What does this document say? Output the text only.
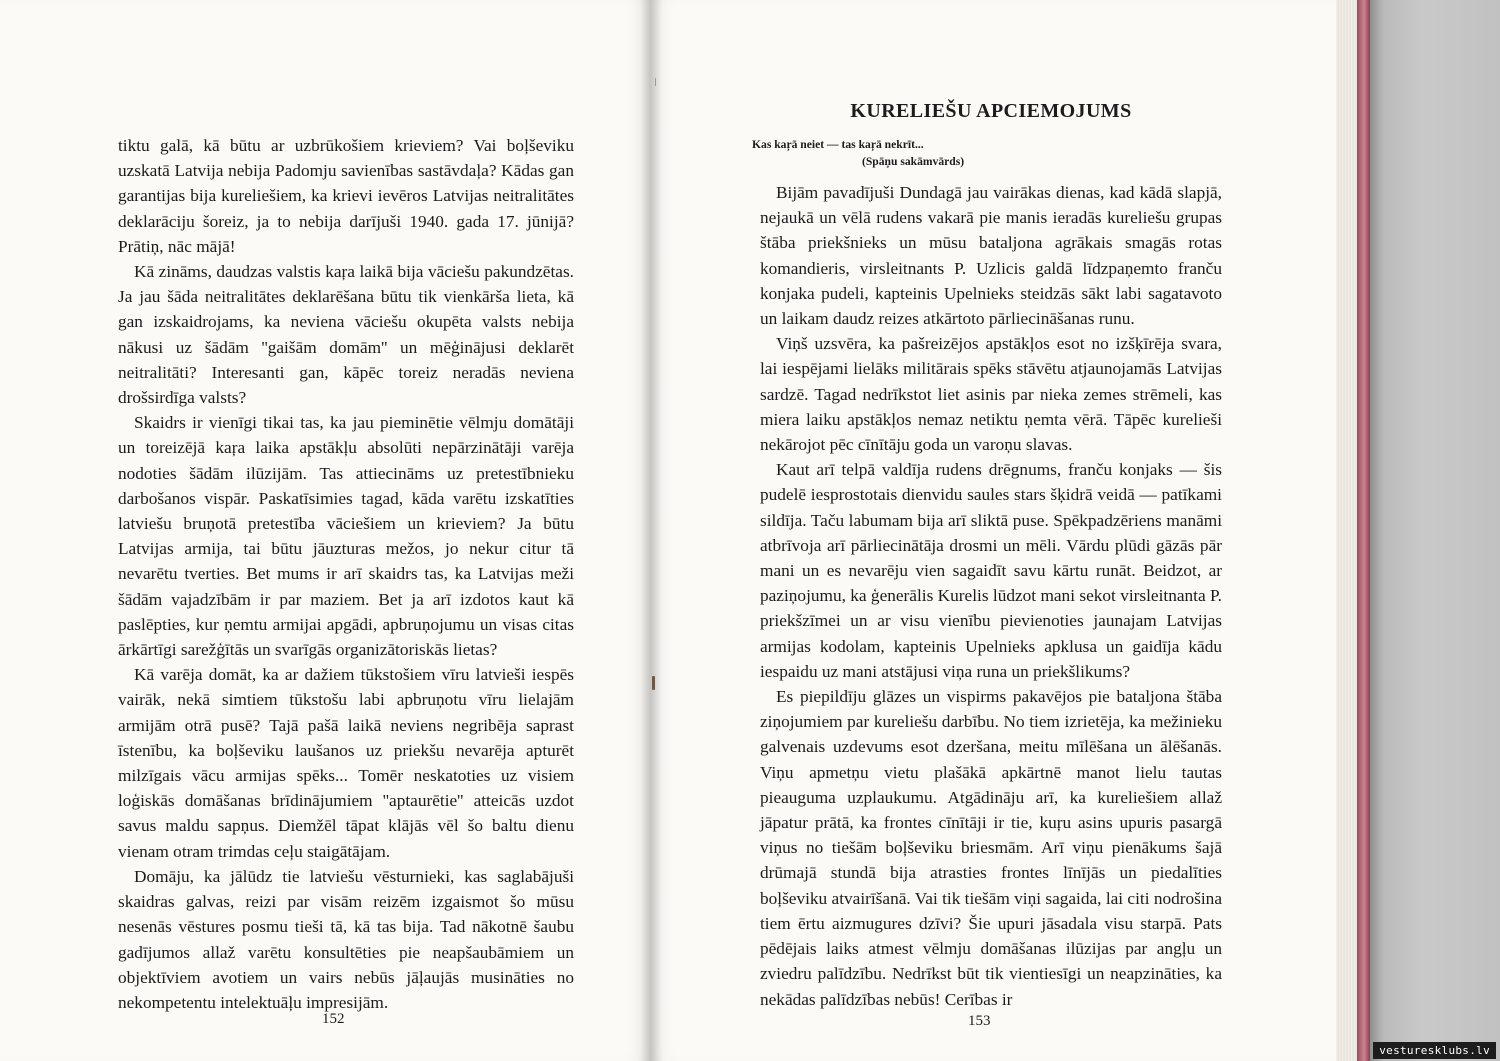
tiktu galā, kā būtu ar uzbrūkošiem krieviem? Vai boļševiku uzskatā Latvija nebija Padomju savienības sastāvdaļa? Kādas gan garantijas bija kureliešiem, ka krievi ievēros Latvijas neitralitātes deklarāciju šoreiz, ja to nebija darījuši 1940. gada 17. jūnijā? Prātiņ, nāc mājā!

Kā zināms, daudzas valstis kaŗa laikā bija vāciešu pakundzētas. Ja jau šāda neitralitātes deklarēšana būtu tik vienkārša lieta, kā gan izskaidrojams, ka neviena vāciešu okupēta valsts nebija nākusi uz šādām ''gaišām domām'' un mēģinājusi deklarēt neitralitāti? Interesanti gan, kāpēc toreiz neradās neviena drošsirdīga valsts?

Skaidrs ir vienīgi tikai tas, ka jau pieminētie vēlmju domātāji un toreizējā kaŗa laika apstākļu absolūti nepārzinātāji varēja nodoties šādām ilūzijām. Tas attiecināms uz pretestībnieku darbošanos vispār. Paskatīsimies tagad, kāda varētu izskatīties latviešu bruņotā pretestība vāciešiem un krieviem? Ja būtu Latvijas armija, tai būtu jāuzturas mežos, jo nekur citur tā nevarētu tverties. Bet mums ir arī skaidrs tas, ka Latvijas meži šādām vajadzībām ir par maziem. Bet ja arī izdotos kaut kā paslēpties, kur ņemtu armijai apgādi, apbruņojumu un visas citas ārkārtīgi sarežģītās un svarīgās organizātoriskās lietas?

Kā varēja domāt, ka ar dažiem tūkstošiem vīru latvieši iespēs vairāk, nekā simtiem tūkstošu labi apbruņotu vīru lielajām armijām otrā pusē? Tajā pašā laikā neviens negribēja saprast īstenību, ka boļševiku laušanos uz priekšu nevarēja apturēt milzīgais vācu armijas spēks... Tomēr neskatoties uz visiem loģiskās domāšanas brīdinājumiem ''aptaurētie'' atteicās uzdot savus maldu sapņus. Diemžēl tāpat klājās vēl šo baltu dienu vienam otram trimdas ceļu staigātājam.

Domāju, ka jālūdz tie latviešu vēsturnieki, kas saglabājuši skaidras galvas, reizi par visām reizēm izgaismot šo mūsu nesenās vēstures posmu tieši tā, kā tas bija. Tad nākotnē šaubu gadījumos allaž varētu konsultēties pie neapšaubāmiem un objektīviem avotiem un vairs nebūs jāļaujās musināties no nekompetentu intelektuāļu impresijām.

152
KURELIEŠU APCIEMOJUMS
Kas kaŗā neiet — tas kaŗā nekrīt...
(Spāņu sakāmvārds)

Bijām pavadījuši Dundagā jau vairākas dienas, kad kādā slapjā, nejaukā un vēlā rudens vakarā pie manis ieradās kureliešu grupas štāba priekšnieks un mūsu bataljona agrākais smagās rotas komandieris, virsleitnants P. Uzlicis galdā līdzpaņemto franču konjaka pudeli, kapteinis Upelnieks steidzās sākt labi sagatavoto un laikam daudz reizes atkārtoto pārliecināšanas runu.

Viņš uzsvēra, ka pašreizējos apstākļos esot no izšķīrēja svara, lai iespējami lielāks militārais spēks stāvētu atjaunojamās Latvijas sardzē. Tagad nedrīkstot liet asinis par nieka zemes strēmeli, kas miera laiku apstākļos nemaz netiktu ņemta vērā. Tāpēc kurelieši nekārojot pēc cīnītāju goda un varoņu slavas.

Kaut arī telpā valdīja rudens drēgnums, franču konjaks — šis pudelē iesprostotais dienvidu saules stars šķidrā veidā — patīkami sildīja. Taču labumam bija arī sliktā puse. Spēkpadzēriens manāmi atbrīvoja arī pārliecinātāja drosmi un mēli. Vārdu plūdi gāzās pār mani un es nevarēju vien sagaidīt savu kārtu runāt. Beidzot, ar paziņojumu, ka ģenerālis Kurelis lūdzot mani sekot virsleitnanta P. priekšzīmei un ar visu vienību pievienoties jaunajam Latvijas armijas kodolam, kapteinis Upelnieks apklusa un gaidīja kādu iespaidu uz mani atstājusi viņa runa un priekšlikums?

Es piepildīju glāzes un vispirms pakavējos pie bataljona štāba ziņojumiem par kureliešu darbību. No tiem izrietēja, ka mežinieku galvenais uzdevums esot dzeršana, meitu mīlēšana un ālēšanās. Viņu apmetņu vietu plašākā apkārtnē manot lielu tautas pieauguma uzplaukumu. Atgādināju arī, ka kureliešiem allaž jāpatur prātā, ka frontes cīnītāji ir tie, kuŗu asins upuris pasargā viņus no tiešām boļševiku briesmām. Arī viņu pienākums šajā drūmajā stundā bija atrasties frontes līnījās un piedalīties boļševiku atvairīšanā. Vai tik tiešām viņi sagaida, lai citi nodrošina tiem ērtu aizmugures dzīvi? Šie upuri jāsadala visu starpā. Pats pēdējais laiks atmest vēlmju domāšanas ilūzijas par angļu un zviedru palīdzību. Nedrīkst būt tik vientiesīgi un neapzināties, ka nekādas palīdzības nebūs! Cerības ir

153
vesturesklubs.lv
